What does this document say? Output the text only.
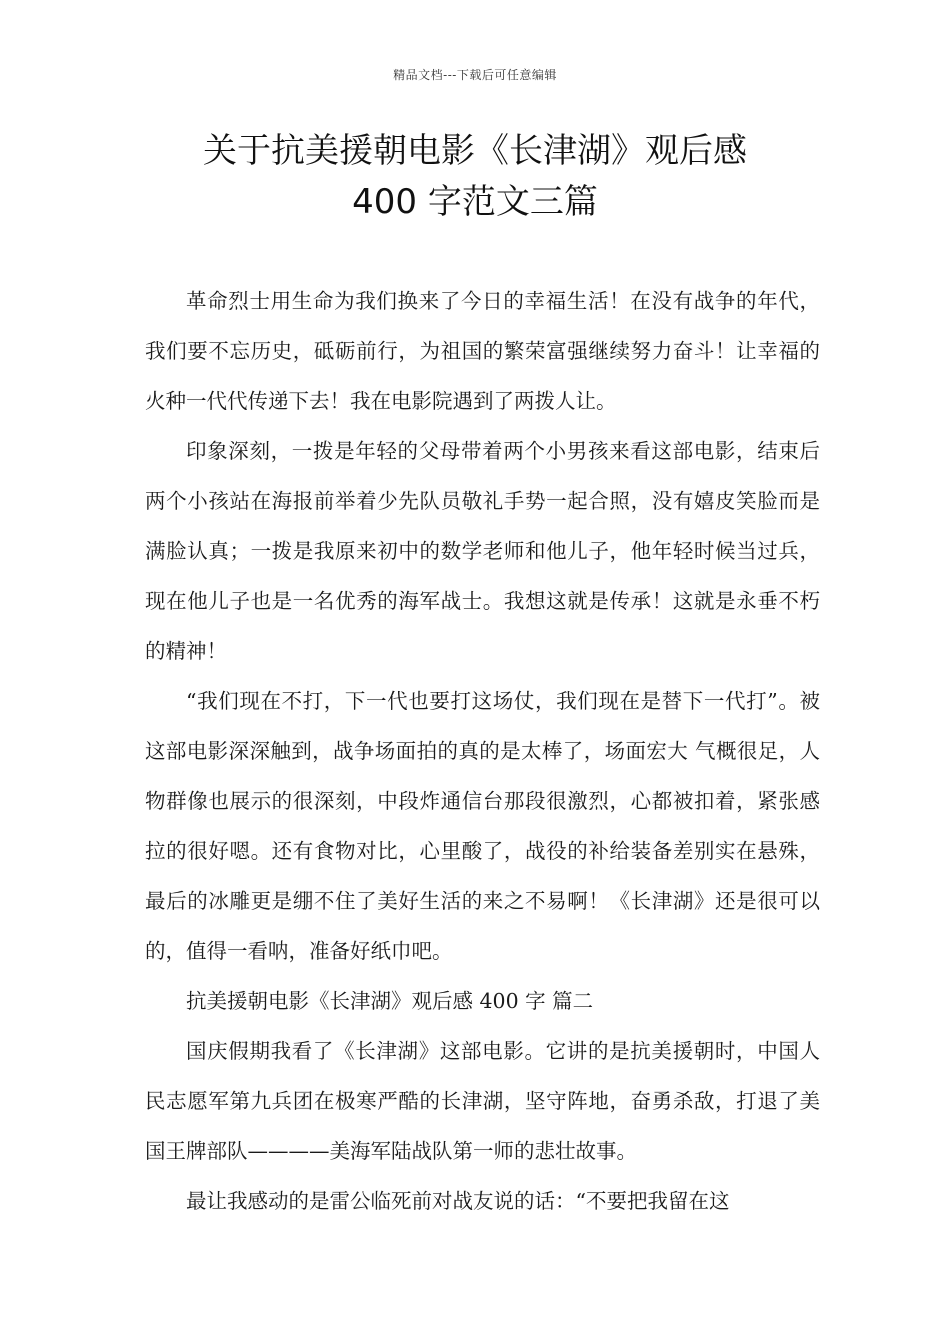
精品文档---下载后可任意编辑
关于抗美援朝电影《长津湖》观后感
400 字范文三篇

革命烈士用生命为我们换来了今日的幸福生活！在没有战争的年代，我们要不忘历史，砥砺前行，为祖国的繁荣富强继续努力奋斗！让幸福的火种一代代传递下去！我在电影院遇到了两拨人让。

印象深刻，一拨是年轻的父母带着两个小男孩来看这部电影，结束后两个小孩站在海报前举着少先队员敬礼手势一起合照，没有嬉皮笑脸而是满脸认真；一拨是我原来初中的数学老师和他儿子，他年轻时候当过兵，现在他儿子也是一名优秀的海军战士。我想这就是传承！这就是永垂不朽的精神！

“我们现在不打，下一代也要打这场仗，我们现在是替下一代打”。被这部电影深深触到，战争场面拍的真的是太棒了，场面宏大 气概很足，人物群像也展示的很深刻，中段炸通信台那段很激烈，心都被扣着，紧张感拉的很好嗯。还有食物对比，心里酸了，战役的补给装备差别实在悬殊，最后的冰雕更是绷不住了美好生活的来之不易啊！《长津湖》还是很可以的，值得一看呐，准备好纸巾吧。

抗美援朝电影《长津湖》观后感 400 字 篇二

国庆假期我看了《长津湖》这部电影。它讲的是抗美援朝时，中国人民志愿军第九兵团在极寒严酷的长津湖，坚守阵地，奋勇杀敌，打退了美国王牌部队————美海军陆战队第一师的悲壮故事。

最让我感动的是雷公临死前对战友说的话：“不要把我留在这
